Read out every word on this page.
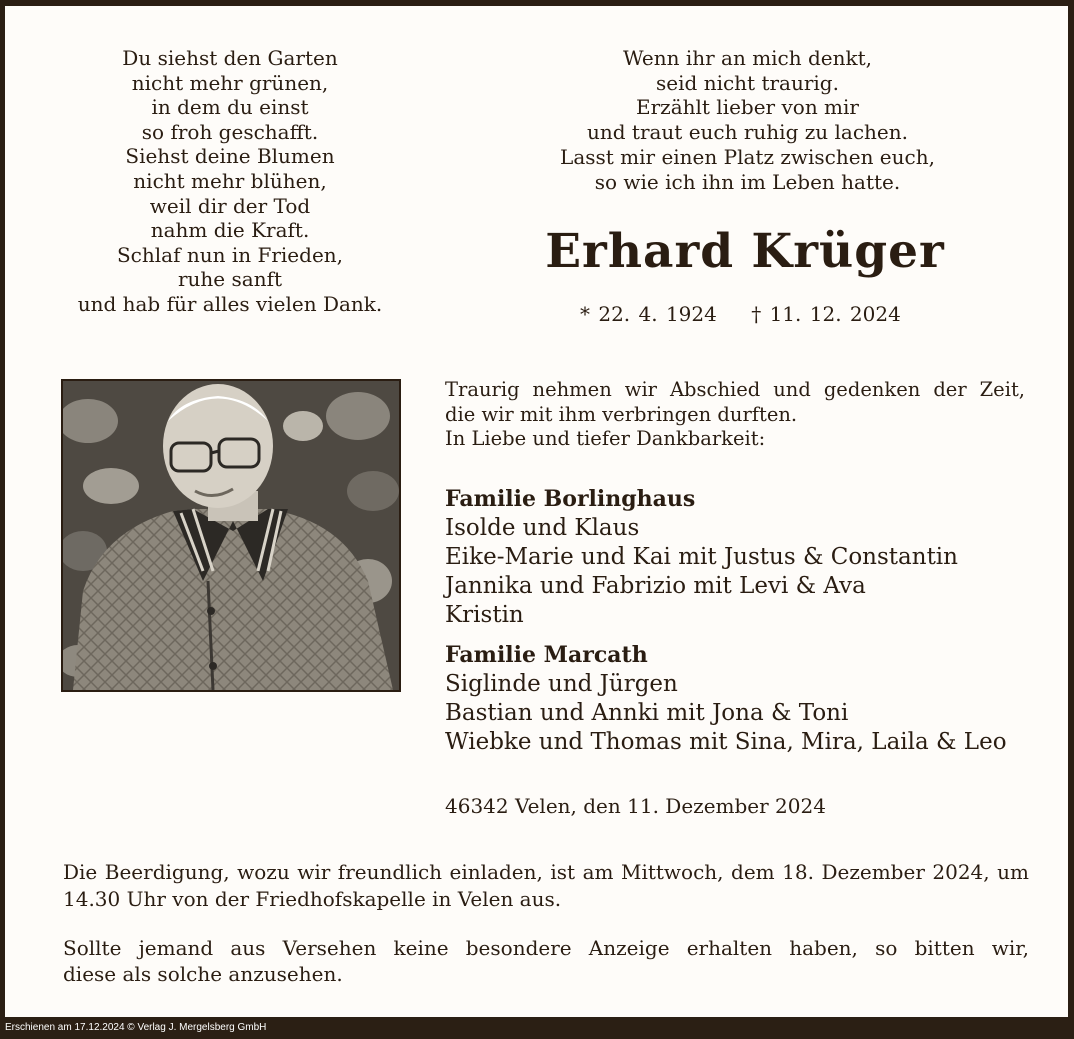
Du siehst den Garten
nicht mehr grünen,
in dem du einst
so froh geschafft.
Siehst deine Blumen
nicht mehr blühen,
weil dir der Tod
nahm die Kraft.
Schlaf nun in Frieden,
ruhe sanft
und hab für alles vielen Dank.
Wenn ihr an mich denkt,
seid nicht traurig.
Erzählt lieber von mir
und traut euch ruhig zu lachen.
Lasst mir einen Platz zwischen euch,
so wie ich ihn im Leben hatte.
Erhard Krüger
* 22. 4. 1924 † 11. 12. 2024
Traurig nehmen wir Abschied und gedenken der Zeit,
die wir mit ihm verbringen durften.
In Liebe und tiefer Dankbarkeit:
Familie Borlinghaus
Isolde und Klaus
Eike-Marie und Kai mit Justus & Constantin
Jannika und Fabrizio mit Levi & Ava
Kristin
Familie Marcath
Siglinde und Jürgen
Bastian und Annki mit Jona & Toni
Wiebke und Thomas mit Sina, Mira, Laila & Leo
46342 Velen, den 11. Dezember 2024
Die Beerdigung, wozu wir freundlich einladen, ist am Mittwoch, dem 18. Dezember 2024, um
14.30 Uhr von der Friedhofskapelle in Velen aus.
Sollte jemand aus Versehen keine besondere Anzeige erhalten haben, so bitten wir,
diese als solche anzusehen.
Erschienen am 17.12.2024 © Verlag J. Mergelsberg GmbH
